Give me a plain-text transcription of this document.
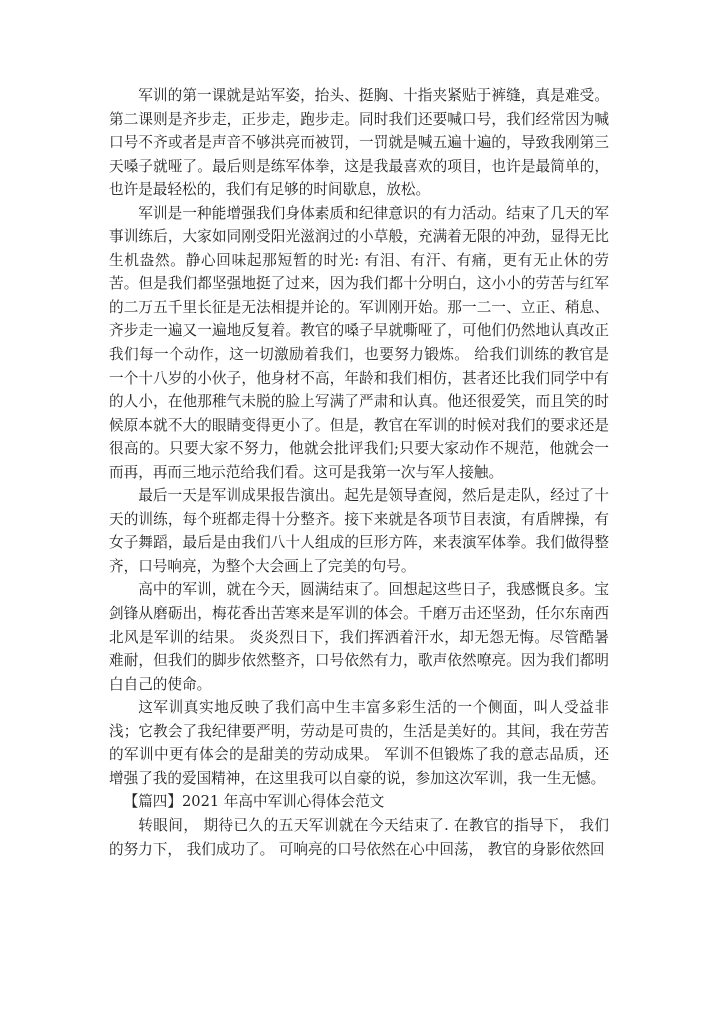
军训的第一课就是站军姿，抬头、挺胸、十指夹紧贴于裤缝，真是难受。第二课则是齐步走，正步走，跑步走。同时我们还要喊口号，我们经常因为喊口号不齐或者是声音不够洪亮而被罚，一罚就是喊五遍十遍的，导致我刚第三天嗓子就哑了。最后则是练军体拳，这是我最喜欢的项目，也许是最简单的，也许是最轻松的，我们有足够的时间歇息，放松。

军训是一种能增强我们身体素质和纪律意识的有力活动。结束了几天的军事训练后，大家如同刚受阳光滋润过的小草般，充满着无限的冲劲，显得无比生机盎然。静心回味起那短暂的时光: 有泪、有汗、有痛，更有无止休的劳苦。但是我们都坚强地挺了过来，因为我们都十分明白，这小小的劳苦与红军的二万五千里长征是无法相提并论的。军训刚开始。那一二一、立正、稍息、齐步走一遍又一遍地反复着。教官的嗓子早就嘶哑了，可他们仍然地认真改正我们每一个动作，这一切激励着我们，也要努力锻炼。 给我们训练的教官是一个十八岁的小伙子，他身材不高，年龄和我们相仿，甚者还比我们同学中有的人小，在他那稚气未脱的脸上写满了严肃和认真。他还很爱笑，而且笑的时候原本就不大的眼睛变得更小了。但是，教官在军训的时候对我们的要求还是很高的。只要大家不努力，他就会批评我们;只要大家动作不规范，他就会一而再，再而三地示范给我们看。这可是我第一次与军人接触。

最后一天是军训成果报告演出。起先是领导查阅，然后是走队，经过了十天的训练，每个班都走得十分整齐。接下来就是各项节目表演，有盾牌操，有女子舞蹈，最后是由我们八十人组成的巨形方阵，来表演军体拳。我们做得整齐，口号响亮，为整个大会画上了完美的句号。

高中的军训，就在今天，圆满结束了。回想起这些日子，我感慨良多。宝剑锋从磨砺出，梅花香出苦寒来是军训的体会。千磨万击还坚劲，任尔东南西北风是军训的结果。 炎炎烈日下，我们挥洒着汗水，却无怨无悔。尽管酷暑难耐，但我们的脚步依然整齐，口号依然有力，歌声依然嘹亮。因为我们都明白自己的使命。

这军训真实地反映了我们高中生丰富多彩生活的一个侧面，叫人受益非浅；它教会了我纪律要严明，劳动是可贵的，生活是美好的。其间，我在劳苦的军训中更有体会的是甜美的劳动成果。 军训不但锻炼了我的意志品质，还增强了我的爱国精神，在这里我可以自豪的说，参加这次军训，我一生无憾。

【篇四】2021 年高中军训心得体会范文

转眼间， 期待已久的五天军训就在今天结束了. 在教官的指导下， 我们的努力下， 我们成功了。 可响亮的口号依然在心中回荡， 教官的身影依然回
